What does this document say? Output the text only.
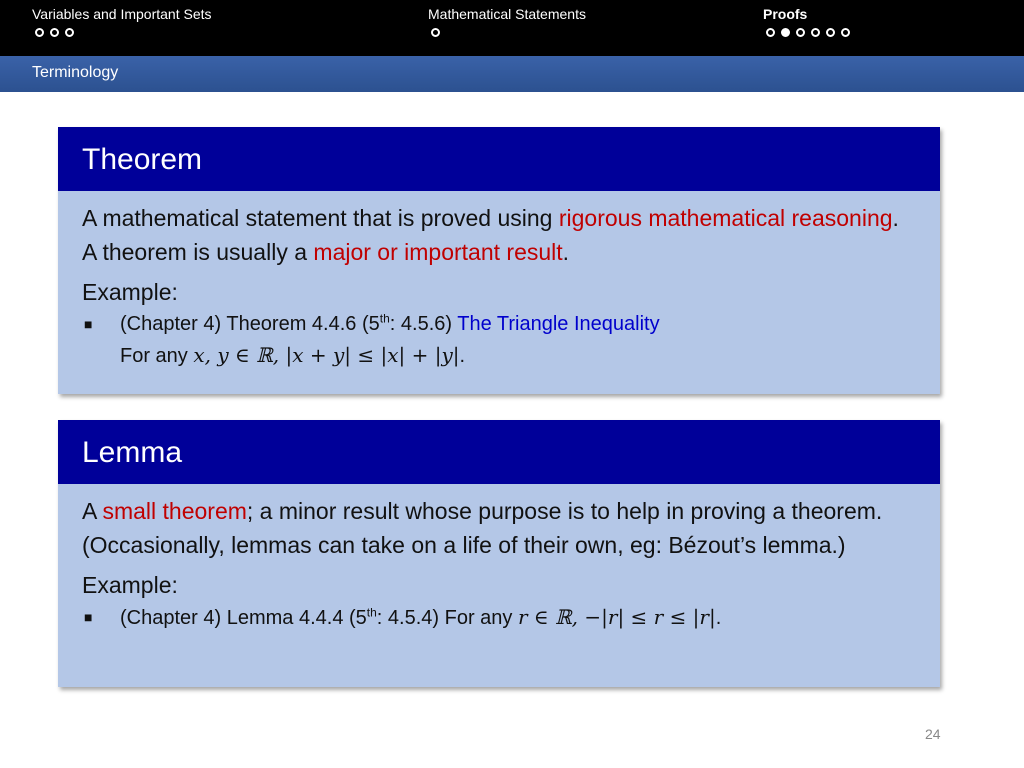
Variables and Important Sets	Mathematical Statements	Proofs
Terminology
Theorem
A mathematical statement that is proved using rigorous mathematical reasoning. A theorem is usually a major or important result.
Example:
■ (Chapter 4) Theorem 4.4.6 (5th: 4.5.6) The Triangle Inequality
For any x, y ∈ ℝ, |x + y| ≤ |x| + |y|.
Lemma
A small theorem; a minor result whose purpose is to help in proving a theorem. (Occasionally, lemmas can take on a life of their own, eg: Bézout’s lemma.)
Example:
■ (Chapter 4) Lemma 4.4.4 (5th: 4.5.4) For any r ∈ ℝ, −|r| ≤ r ≤ |r|.
24
